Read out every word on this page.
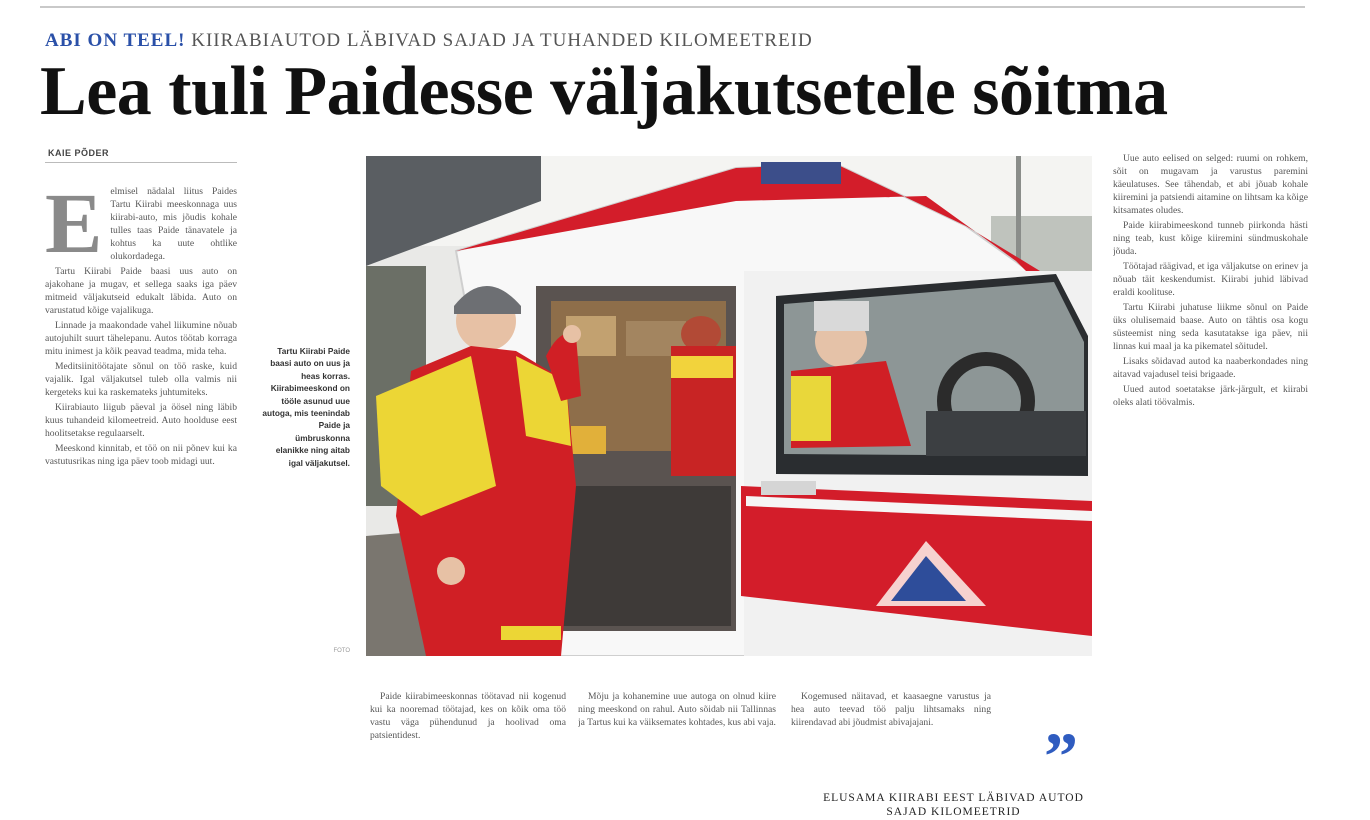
ABI ON TEEL! KIIRABIAUTOD LÄBIVAD SAJAD JA TUHANDED KILOMEETREID
Lea tuli Paidesse väljakutsetele sõitma
KAIE PÕDER
E elmisel nädalal liitus Paides Tartu Kiirabi meeskonnaga uus kiirabi-auto, mis jõudis kohale tulles taas Paide tänavatele ja kohtus ka uute ohtlike olukordadega.

Tartu Kiirabi Paide baasi uus auto on ajakohane ja mugav, et sellega saaks iga päev mitmeid väljakutseid edukalt läbida. Auto on varustatud kõige vajalikuga.

Linnade ja maakondade vahel liikumine nõuab autojuhilt suurt tähelepanu. Autos töötab korraga mitu inimest ja kõik peavad teadma, mida teha.

Meditsiinitöötajate sõnul on töö raske, kuid vajalik. Igal väljakutsel tuleb olla valmis nii kergeteks kui ka raskemateks juhtumiteks.

Kiirabiauto liigub päeval ja öösel ning läbib kuus tuhandeid kilomeetreid. Auto hoolduse eest hoolitsetakse regulaarselt.

Meeskond kinnitab, et töö on nii põnev kui ka vastutusrikas ning iga päev toob midagi uut.

Tartu Kiirabi Paide baasi auto on uus ja heas korras. Kiirabimeeskond on tööle asunud uue autoga, mis teenindab Paide ja ümbruskonna elanikke ning aitab igal väljakutsel.
FOTO

Uue auto eelised on selged: ruumi on rohkem, sõit on mugavam ja varustus paremini käeulatuses. See tähendab, et abi jõuab kohale kiiremini ja patsiendi aitamine on lihtsam ka kõige kitsamates oludes.

Paide kiirabimeeskond tunneb piirkonda hästi ning teab, kust kõige kiiremini sündmuskohale jõuda.

Töötajad räägivad, et iga väljakutse on erinev ja nõuab täit keskendumist. Kiirabi juhid läbivad eraldi koolituse.

Tartu Kiirabi juhatuse liikme sõnul on Paide üks olulisemaid baase. Auto on tähtis osa kogu süsteemist ning seda kasutatakse iga päev, nii linnas kui maal ja ka pikematel sõitudel.

Lisaks sõidavad autod ka naaberkondades ning aitavad vajadusel teisi brigaade.

Uued autod soetatakse järk-järgult, et kiirabi oleks alati töövalmis.

Paide kiirabimeeskonnas töötavad nii kogenud kui ka nooremad töötajad, kes on kõik oma töö vastu väga pühendunud ja hoolivad oma patsientidest.

Mõju ja kohanemine uue autoga on olnud kiire ning meeskond on rahul. Auto sõidab nii Tallinnas ja Tartus kui ka väiksemates kohtades, kus abi vaja.

Kogemused näitavad, et kaasaegne varustus ja hea auto teevad töö palju lihtsamaks ning kiirendavad abi jõudmist abivajajani.	”
ELUSAMA KIIRABI EEST LÄBIVAD AUTOD SAJAD KILOMEETRID
